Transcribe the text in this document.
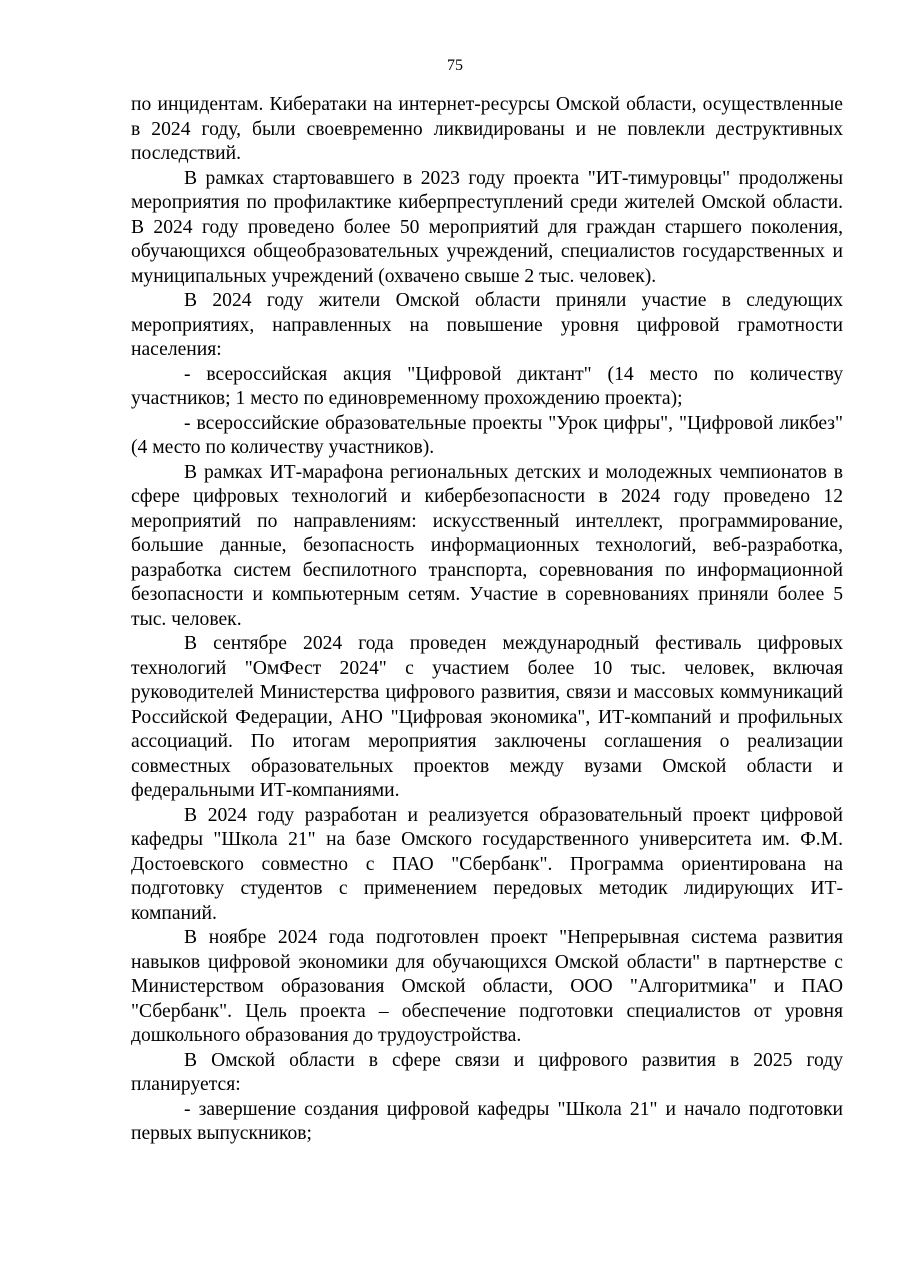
75

по инцидентам. Кибератаки на интернет-ресурсы Омской области, осуществленные в 2024 году, были своевременно ликвидированы и не повлекли деструктивных последствий.

В рамках стартовавшего в 2023 году проекта "ИТ-тимуровцы" продолжены мероприятия по профилактике киберпреступлений среди жителей Омской области. В 2024 году проведено более 50 мероприятий для граждан старшего поколения, обучающихся общеобразовательных учреждений, специалистов государственных и муниципальных учреждений (охвачено свыше 2 тыс. человек).

В 2024 году жители Омской области приняли участие в следующих мероприятиях, направленных на повышение уровня цифровой грамотности населения:

- всероссийская акция "Цифровой диктант" (14 место по количеству участников; 1 место по единовременному прохождению проекта);

- всероссийские образовательные проекты "Урок цифры", "Цифровой ликбез" (4 место по количеству участников).

В рамках ИТ-марафона региональных детских и молодежных чемпионатов в сфере цифровых технологий и кибербезопасности в 2024 году проведено 12 мероприятий по направлениям: искусственный интеллект, программирование, большие данные, безопасность информационных технологий, веб-разработка, разработка систем беспилотного транспорта, соревнования по информационной безопасности и компьютерным сетям. Участие в соревнованиях приняли более 5 тыс. человек.

В сентябре 2024 года проведен международный фестиваль цифровых технологий "ОмФест 2024" с участием более 10 тыс. человек, включая руководителей Министерства цифрового развития, связи и массовых коммуникаций Российской Федерации, АНО "Цифровая экономика", ИТ-компаний и профильных ассоциаций. По итогам мероприятия заключены соглашения о реализации совместных образовательных проектов между вузами Омской области и федеральными ИТ-компаниями.

В 2024 году разработан и реализуется образовательный проект цифровой кафедры "Школа 21" на базе Омского государственного университета им. Ф.М. Достоевского совместно с ПАО "Сбербанк". Программа ориентирована на подготовку студентов с применением передовых методик лидирующих ИТ-компаний.

В ноябре 2024 года подготовлен проект "Непрерывная система развития навыков цифровой экономики для обучающихся Омской области" в партнерстве с Министерством образования Омской области, ООО "Алгоритмика" и ПАО "Сбербанк". Цель проекта – обеспечение подготовки специалистов от уровня дошкольного образования до трудоустройства.

В Омской области в сфере связи и цифрового развития в 2025 году планируется:

- завершение создания цифровой кафедры "Школа 21" и начало подготовки первых выпускников;
